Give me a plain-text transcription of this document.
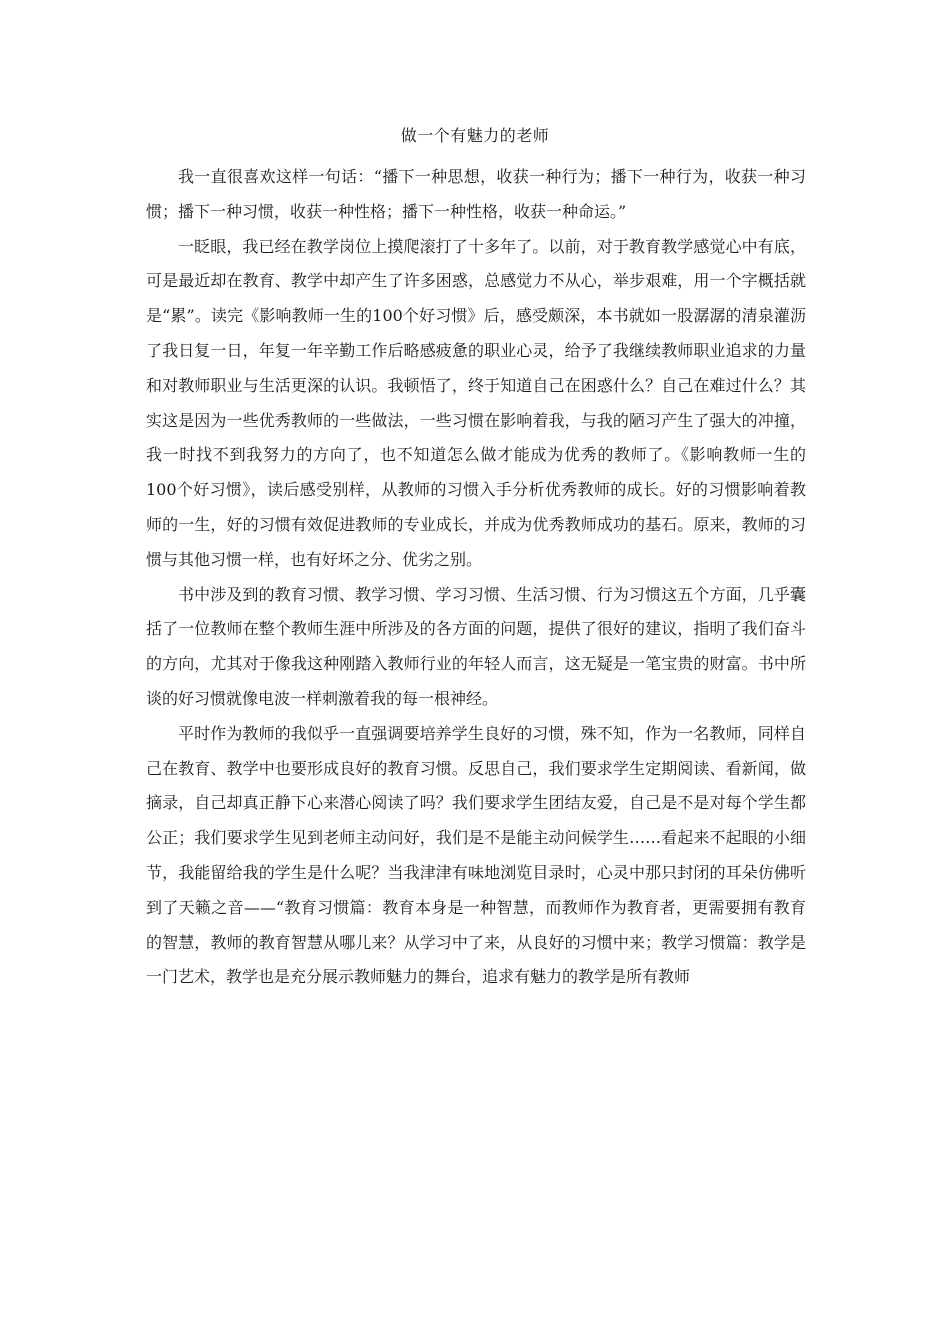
做一个有魅力的老师

我一直很喜欢这样一句话：“播下一种思想，收获一种行为；播下一种行为，收获一种习惯；播下一种习惯，收获一种性格；播下一种性格，收获一种命运。”

一眨眼，我已经在教学岗位上摸爬滚打了十多年了。以前，对于教育教学感觉心中有底，可是最近却在教育、教学中却产生了许多困惑，总感觉力不从心，举步艰难，用一个字概括就是“累”。读完《影响教师一生的100个好习惯》后，感受颇深，本书就如一股潺潺的清泉灌沥了我日复一日，年复一年辛勤工作后略感疲惫的职业心灵，给予了我继续教师职业追求的力量和对教师职业与生活更深的认识。我顿悟了，终于知道自己在困惑什么？自己在难过什么？其实这是因为一些优秀教师的一些做法，一些习惯在影响着我，与我的陋习产生了强大的冲撞，我一时找不到我努力的方向了，也不知道怎么做才能成为优秀的教师了。《影响教师一生的100个好习惯》，读后感受别样，从教师的习惯入手分析优秀教师的成长。好的习惯影响着教师的一生，好的习惯有效促进教师的专业成长，并成为优秀教师成功的基石。原来，教师的习惯与其他习惯一样，也有好坏之分、优劣之别。

书中涉及到的教育习惯、教学习惯、学习习惯、生活习惯、行为习惯这五个方面，几乎囊括了一位教师在整个教师生涯中所涉及的各方面的问题，提供了很好的建议，指明了我们奋斗的方向，尤其对于像我这种刚踏入教师行业的年轻人而言，这无疑是一笔宝贵的财富。书中所谈的好习惯就像电波一样刺激着我的每一根神经。

平时作为教师的我似乎一直强调要培养学生良好的习惯，殊不知，作为一名教师，同样自己在教育、教学中也要形成良好的教育习惯。反思自己，我们要求学生定期阅读、看新闻，做摘录，自己却真正静下心来潜心阅读了吗？我们要求学生团结友爱，自己是不是对每个学生都公正；我们要求学生见到老师主动问好，我们是不是能主动问候学生……看起来不起眼的小细节，我能留给我的学生是什么呢？当我津津有味地浏览目录时，心灵中那只封闭的耳朵仿佛听到了天籁之音——“教育习惯篇：教育本身是一种智慧，而教师作为教育者，更需要拥有教育的智慧，教师的教育智慧从哪儿来？从学习中了来，从良好的习惯中来；教学习惯篇：教学是一门艺术，教学也是充分展示教师魅力的舞台，追求有魅力的教学是所有教师
